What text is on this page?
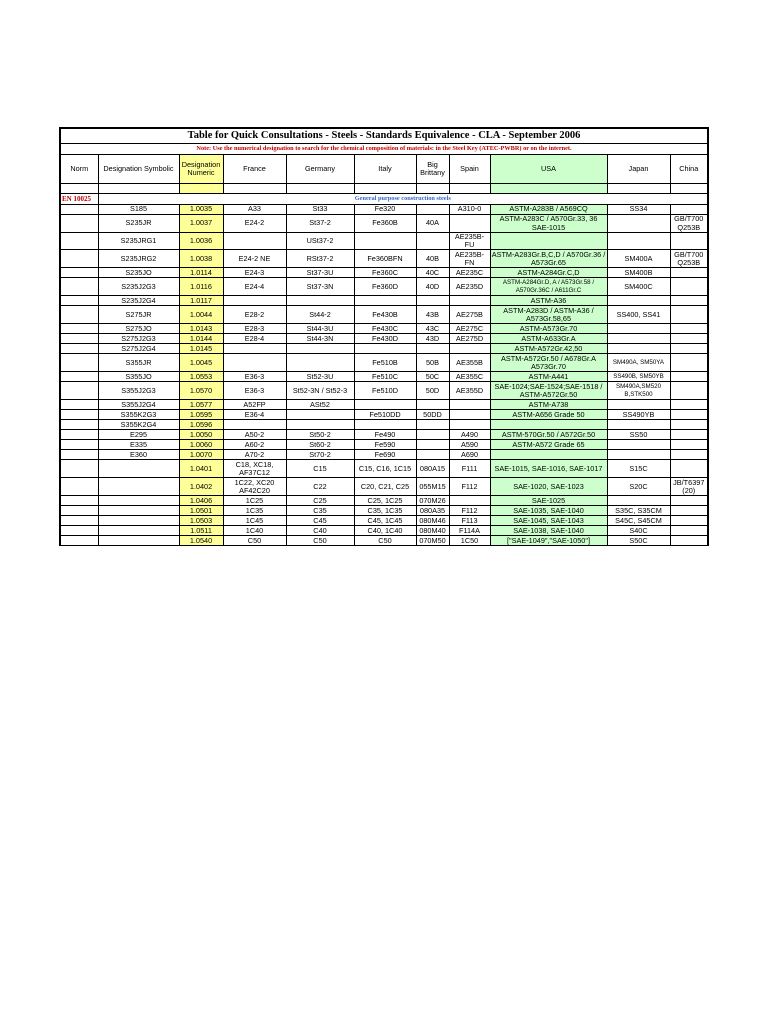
Table for Quick Consultations - Steels - Standards Equivalence - CLA - September 2006										
Note: Use the numerical designation to search for the chemical composition of materials: in the Steel Key (ATEC-PWBR) or on the internet.										
Norm	Designation Symbolic	Designation Numeric	France	Germany	Italy	Big Brittany	Spain	USA	Japan	China

EN 10025	General purpose construction steels									
	S185	1.0035	A33	St33	Fe320		A310-0	ASTM-A283B / A569CQ	SS34	
	S235JR	1.0037	E24-2	St37-2	Fe360B	40A		ASTM-A283C / A570Gr.33, 36 SAE-1015		GB/T700 Q253B
	S235JRG1	1.0036		USt37-2			AE235B-FU			
	S235JRG2	1.0038	E24-2 NE	RSt37-2	Fe360BFN	40B	AE235B-FN	ASTM-A283Gr.B,C,D / A570Gr.36 / A573Gr.65	SM400A	GB/T700 Q253B
	S235JO	1.0114	E24-3	St37-3U	Fe360C	40C	AE235C	ASTM-A284Gr.C,D	SM400B	
	S235J2G3	1.0116	E24-4	St37-3N	Fe360D	40D	AE235D	ASTM-A284Gr.D, A / A573Gr.58 / A570Gr.36C / A611Gr.C	SM400C	
	S235J2G4	1.0117						ASTM-A36		
	S275JR	1.0044	E28-2	St44-2	Fe430B	43B	AE275B	ASTM-A283D / ASTM-A36 / A573Gr.58,65	SS400, SS41	
	S275JO	1.0143	E28-3	St44-3U	Fe430C	43C	AE275C	ASTM-A573Gr.70		
	S275J2G3	1.0144	E28-4	St44-3N	Fe430D	43D	AE275D	ASTM-A633Gr.A		
	S275J2G4	1.0145						ASTM-A572Gr.42,50		
	S355JR	1.0045			Fe510B	50B	AE355B	ASTM-A572Gr.50 / A678Gr.A A573Gr.70	SM490A, SM50YA	
	S355JO	1.0553	E36-3	St52-3U	Fe510C	50C	AE355C	ASTM-A441	SS490B, SM50YB	
	S355J2G3	1.0570	E36-3	St52-3N / St52-3	Fe510D	50D	AE355D	SAE-1024;SAE-1524;SAE-1518 / ASTM-A572Gr.50	SM490A,SM520 B,STK500	
	S355J2G4	1.0577	A52FP	ASt52				ASTM-A738		
	S355K2G3	1.0595	E36-4		Fe510DD	50DD		ASTM-A656 Grade 50	SS490YB	
	S355K2G4	1.0596								
	E295	1.0050	A50-2	St50-2	Fe490		A490	ASTM-570Gr.50 / A572Gr.50	SS50	
	E335	1.0060	A60-2	St60-2	Fe590		A590	ASTM-A572 Grade 65		
	E360	1.0070	A70-2	St70-2	Fe690		A690			
		1.0401	C18, XC18, AF37C12	C15	C15, C16, 1C15	080A15	F111	SAE-1015, SAE-1016, SAE-1017	S15C	
		1.0402	1C22, XC20 AF42C20	C22	C20, C21, C25	055M15	F112	SAE-1020, SAE-1023	S20C	JB/T6397 (20)
		1.0406	1C25	C25	C25, 1C25	070M26		SAE-1025		
		1.0501	1C35	C35	C35, 1C35	080A35	F112	SAE-1035, SAE-1040	S35C, S35CM	
		1.0503	1C45	C45	C45, 1C45	080M46	F113	SAE-1045, SAE-1043	S45C, S45CM	
		1.0511	1C40	C40	C40, 1C40	080M40	F114A	SAE-1038, SAE-1040	S40C	
		1.0540	C50	C50	C50	070M50	1C50	["SAE-1049","SAE-1050"]	S50C	
